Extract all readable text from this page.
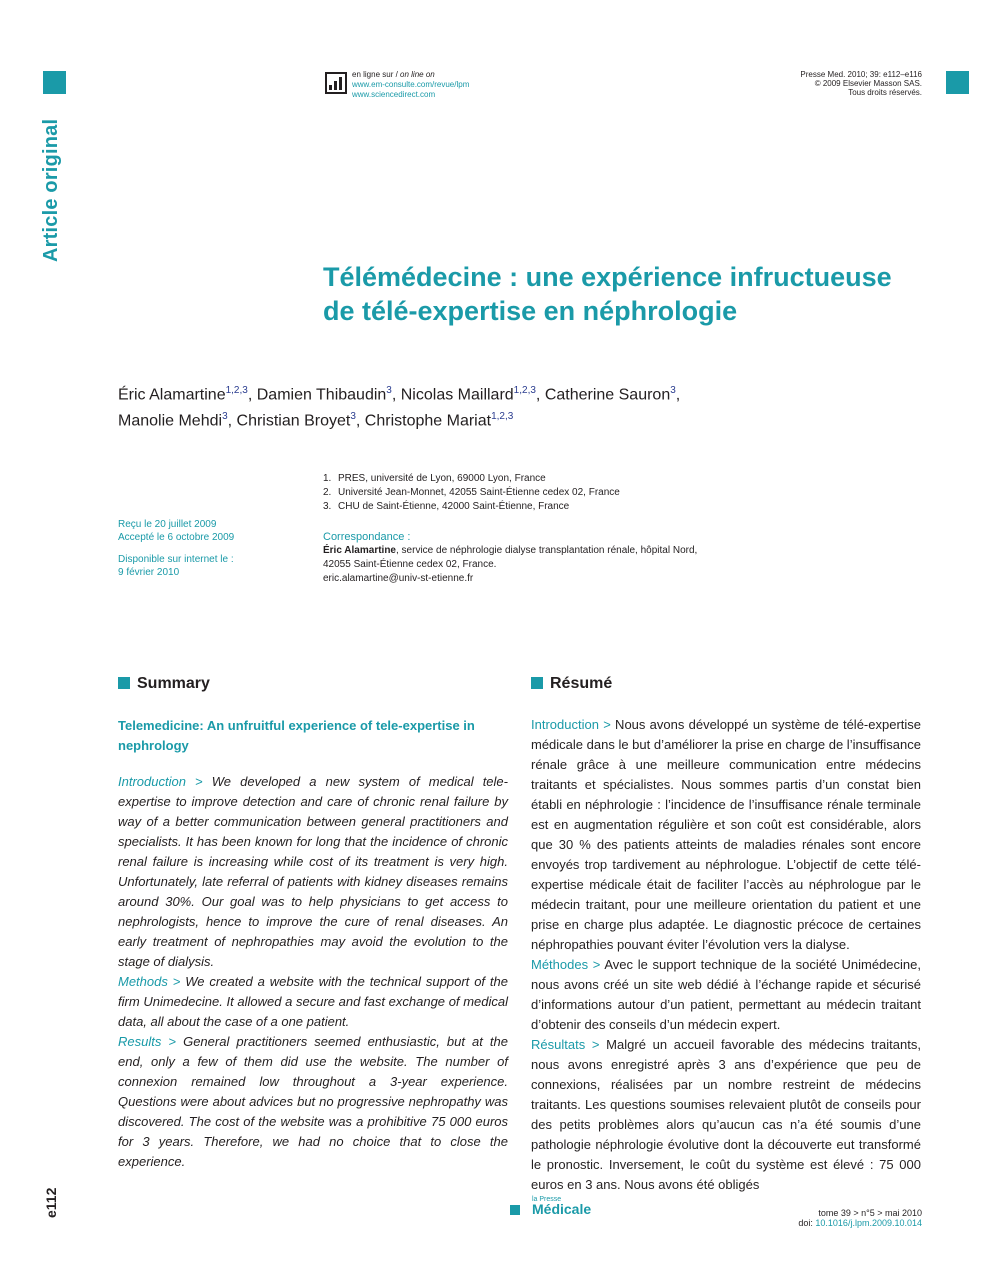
Article original
e112
en ligne sur / on line on
www.em-consulte.com/revue/lpm
www.sciencedirect.com
Presse Med. 2010; 39: e112–e116
© 2009 Elsevier Masson SAS.
Tous droits réservés.
Télémédecine : une expérience infructueuse
de télé-expertise en néphrologie
Éric Alamartine$^{1,2,3}$, Damien Thibaudin$^3$, Nicolas Maillard$^{1,2,3}$, Catherine Sauron$^3$,
Manolie Mehdi$^3$, Christian Broyet$^3$, Christophe Mariat$^{1,2,3}$
1. PRES, université de Lyon, 69000 Lyon, France
2. Université Jean-Monnet, 42055 Saint-Étienne cedex 02, France
3. CHU de Saint-Étienne, 42000 Saint-Étienne, France
Reçu le 20 juillet 2009
Accepté le 6 octobre 2009
Disponible sur internet le :
9 février 2010
Correspondance :
Éric Alamartine, service de néphrologie dialyse transplantation rénale, hôpital Nord,
42055 Saint-Étienne cedex 02, France.
eric.alamartine@univ-st-etienne.fr
Summary
Telemedicine: An unfruitful experience of tele-expertise in nephrology
Introduction > We developed a new system of medical tele-expertise to improve detection and care of chronic renal failure by way of a better communication between general practitioners and specialists. It has been known for long that the incidence of chronic renal failure is increasing while cost of its treatment is very high. Unfortunately, late referral of patients with kidney diseases remains around 30%. Our goal was to help physicians to get access to nephrologists, hence to improve the cure of renal diseases. An early treatment of nephropathies may avoid the evolution to the stage of dialysis.
Methods > We created a website with the technical support of the firm Unimedecine. It allowed a secure and fast exchange of medical data, all about the case of a one patient.
Results > General practitioners seemed enthusiastic, but at the end, only a few of them did use the website. The number of connexion remained low throughout a 3-year experience. Questions were about advices but no progressive nephropathy was discovered. The cost of the website was a prohibitive 75 000 euros for 3 years. Therefore, we had no choice that to close the experience.
Résumé
Introduction > Nous avons développé un système de télé-expertise médicale dans le but d’améliorer la prise en charge de l’insuffisance rénale grâce à une meilleure communication entre médecins traitants et spécialistes. Nous sommes partis d’un constat bien établi en néphrologie : l’incidence de l’insuffisance rénale terminale est en augmentation régulière et son coût est considérable, alors que 30 % des patients atteints de maladies rénales sont encore envoyés trop tardivement au néphrologue. L’objectif de cette télé-expertise médicale était de faciliter l’accès au néphrologue par le médecin traitant, pour une meilleure orientation du patient et une prise en charge plus adaptée. Le diagnostic précoce de certaines néphropathies pouvant éviter l’évolution vers la dialyse.
Méthodes > Avec le support technique de la société Unimédecine, nous avons créé un site web dédié à l’échange rapide et sécurisé d’informations autour d’un patient, permettant au médecin traitant d’obtenir des conseils d’un médecin expert.
Résultats > Malgré un accueil favorable des médecins traitants, nous avons enregistré après 3 ans d’expérience que peu de connexions, réalisées par un nombre restreint de médecins traitants. Les questions soumises relevaient plutôt de conseils pour des petits problèmes alors qu’aucun cas n’a été soumis d’une pathologie néphrologie évolutive dont la découverte eut transformé le pronostic. Inversement, le coût du système est élevé : 75 000 euros en 3 ans. Nous avons été obligés
la Presse
Médicale	tome 39 > n°5 > mai 2010
doi: 10.1016/j.lpm.2009.10.014
